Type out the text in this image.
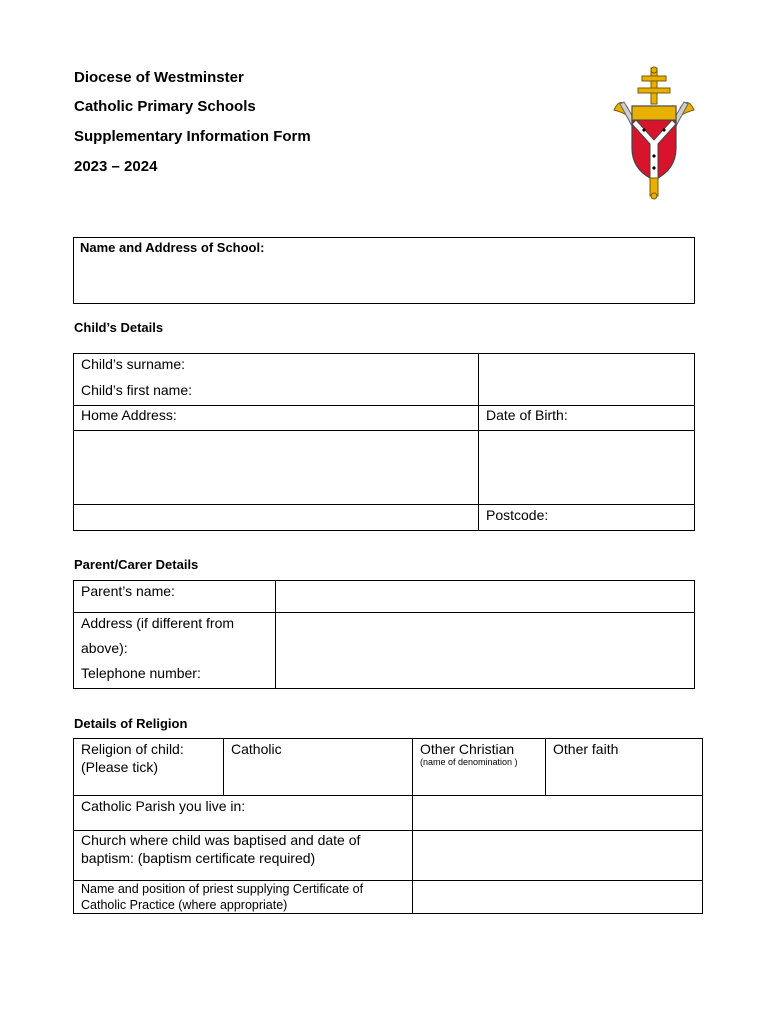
Diocese of Westminster
Catholic Primary Schools
Supplementary Information Form
2023 – 2024
Name and Address of School:
Child’s Details
Child’s surname:
Child’s first name:
Home Address:	Date of Birth:
Postcode:
Parent/Carer Details
Parent’s name:
Address (if different from
above):
Telephone number:
Details of Religion
Religion of child:
(Please tick)
Catholic	Other Christian
(name of denomination )
Other faith
Catholic Parish you live in:
Church where child was baptised and date of
baptism: (baptism certificate required)
Name and position of priest supplying Certificate of
Catholic Practice (where appropriate)
